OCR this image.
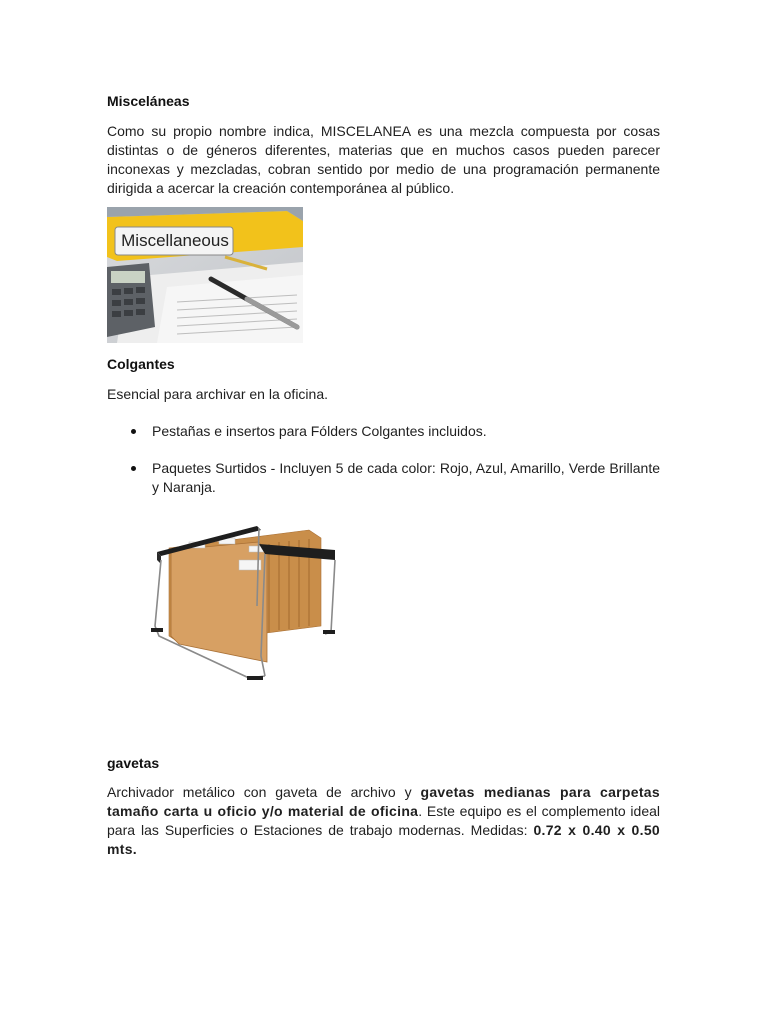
Misceláneas
Como su propio nombre indica, MISCELANEA es una mezcla compuesta por cosas distintas o de géneros diferentes, materias que en muchos casos pueden parecer inconexas y mezcladas, cobran sentido por medio de una programación permanente dirigida a acercar la creación contemporánea al público.
Miscellaneous
Colgantes
Esencial para archivar en la oficina.
Pestañas e insertos para Fólders Colgantes incluidos.
Paquetes Surtidos - Incluyen 5 de cada color: Rojo, Azul, Amarillo, Verde Brillante y Naranja.
gavetas
Archivador metálico con gaveta de archivo y gavetas medianas para carpetas tamaño carta u oficio y/o material de oficina. Este equipo es el complemento ideal para las Superficies o Estaciones de trabajo modernas. Medidas: 0.72 x 0.40 x 0.50 mts.
